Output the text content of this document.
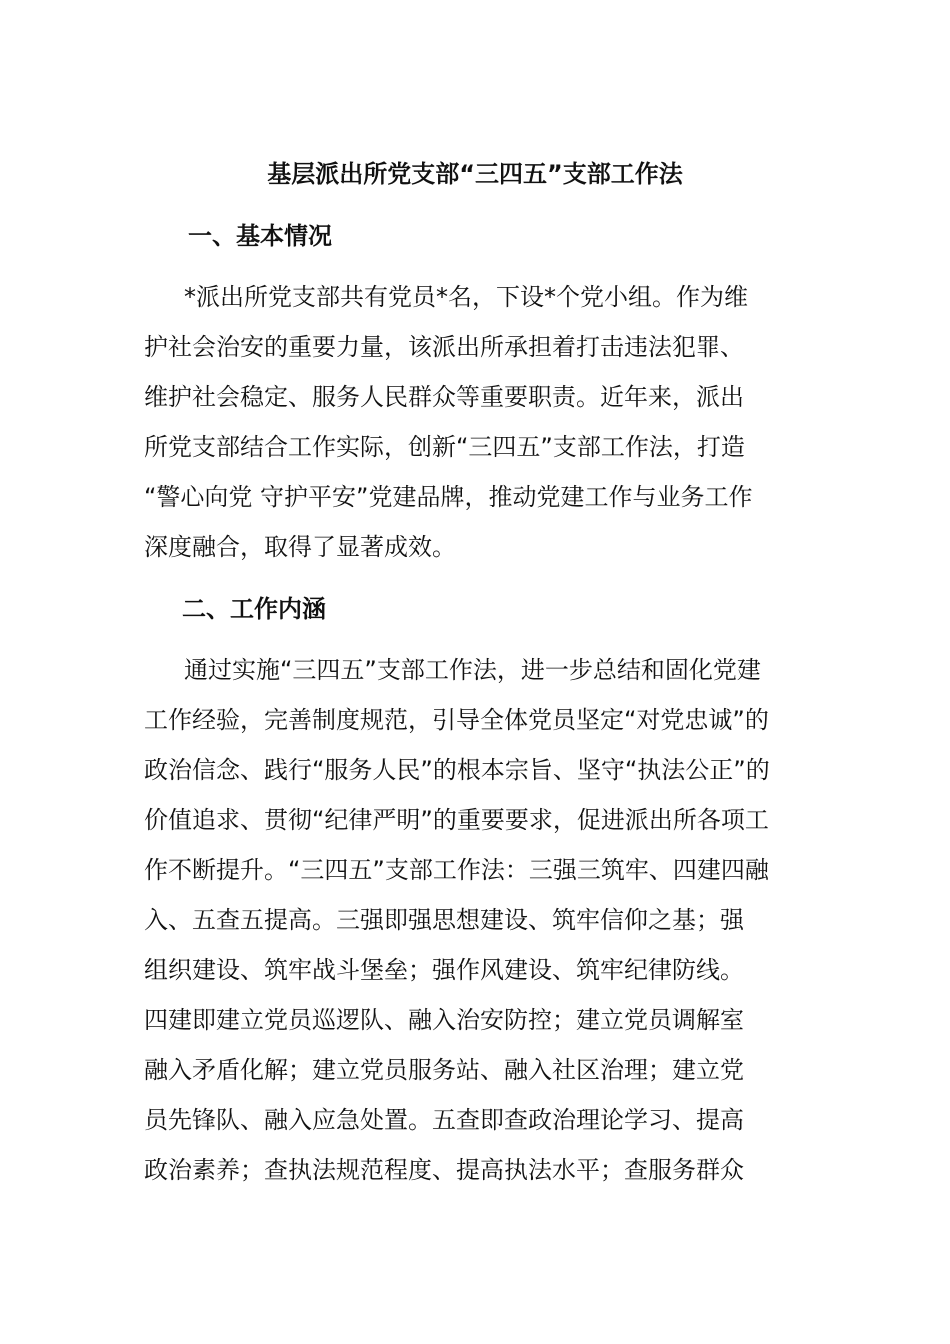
基层派出所党支部“三四五”支部工作法
一、基本情况
*派出所党支部共有党员*名，下设*个党小组。作为维
护社会治安的重要力量，该派出所承担着打击违法犯罪、
维护社会稳定、服务人民群众等重要职责。近年来，派出
所党支部结合工作实际，创新“三四五”支部工作法，打造
“警心向党 守护平安”党建品牌，推动党建工作与业务工作
深度融合，取得了显著成效。
二、工作内涵
通过实施“三四五”支部工作法，进一步总结和固化党建
工作经验，完善制度规范，引导全体党员坚定“对党忠诚”的
政治信念、践行“服务人民”的根本宗旨、坚守“执法公正”的
价值追求、贯彻“纪律严明”的重要要求，促进派出所各项工
作不断提升。“三四五”支部工作法：三强三筑牢、四建四融
入、五查五提高。三强即强思想建设、筑牢信仰之基；强
组织建设、筑牢战斗堡垒；强作风建设、筑牢纪律防线。
四建即建立党员巡逻队、融入治安防控；建立党员调解室
融入矛盾化解；建立党员服务站、融入社区治理；建立党
员先锋队、融入应急处置。五查即查政治理论学习、提高
政治素养；查执法规范程度、提高执法水平；查服务群众
